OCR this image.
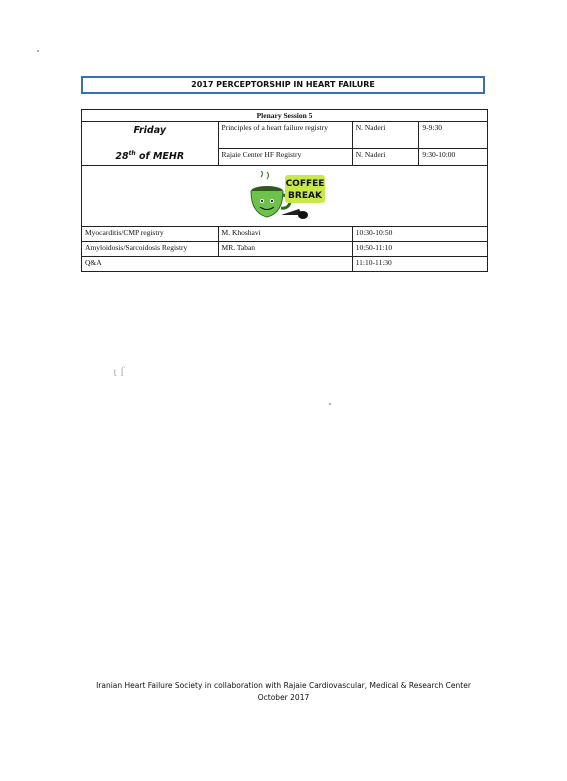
2017 PERCEPTORSHIP IN HEART FAILURE
Plenary Session 5			

Friday
28th of MEHR	Principles of a heart failure registry	N. Naderi	9-9:30
	Rajaie Center HF Registry	N. Naderi	9:30-10:00

COFFEE
BREAK			

Myocarditis/CMP registry	M. Khoshavi	10:30-10:50	
Amyloidosis/Sarcoidosis Registry	MR. Taban	10:50-11:10	
Q&A		11:10-11:30	
ι ſ
Iranian Heart Failure Society in collaboration with Rajaie Cardiovascular, Medical & Research Center
October 2017
